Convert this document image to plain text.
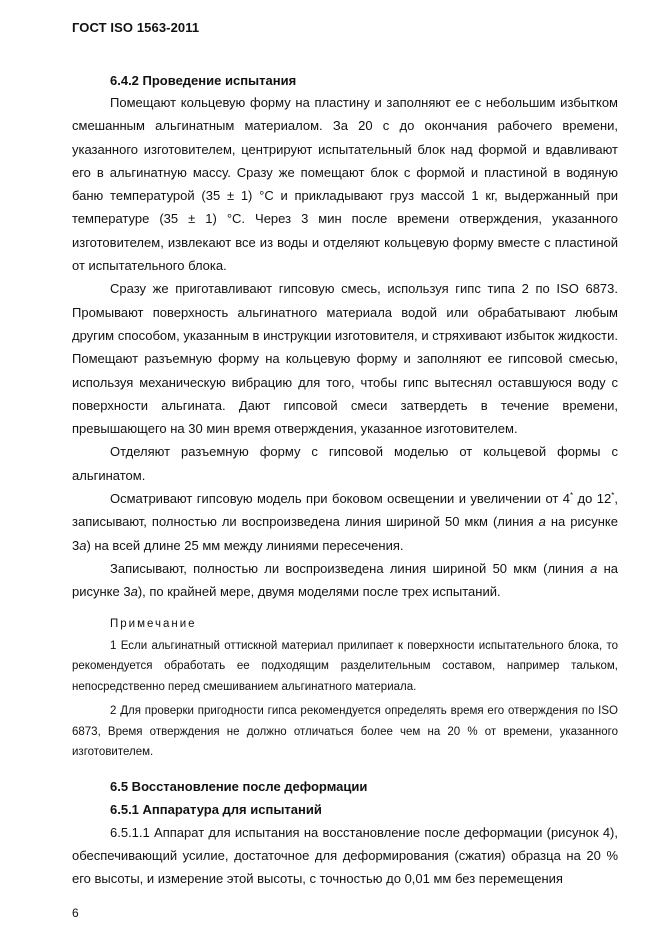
ГОСТ ISO 1563-2011
6.4.2 Проведение испытания

Помещают кольцевую форму на пластину и заполняют ее с небольшим избытком смешанным альгинатным материалом. За 20 с до окончания рабочего времени, указанного изготовителем, центрируют испытательный блок над формой и вдавливают его в альгинатную массу. Сразу же помещают блок с формой и пластиной в водяную баню температурой (35 ± 1) °С и прикладывают груз массой 1 кг, выдержанный при температуре (35 ± 1) °С. Через 3 мин после времени отверждения, указанного изготовителем, извлекают все из воды и отделяют кольцевую форму вместе с пластиной от испытательного блока.

Сразу же приготавливают гипсовую смесь, используя гипс типа 2 по ISO 6873. Промывают поверхность альгинатного материала водой или обрабатывают любым другим способом, указанным в инструкции изготовителя, и стряхивают избыток жидкости. Помещают разъемную форму на кольцевую форму и заполняют ее гипсовой смесью, используя механическую вибрацию для того, чтобы гипс вытеснял оставшуюся воду с поверхности альгината. Дают гипсовой смеси затвердеть в течение времени, превышающего на 30 мин время отверждения, указанное изготовителем.

Отделяют разъемную форму с гипсовой моделью от кольцевой формы с альгинатом.

Осматривают гипсовую модель при боковом освещении и увеличении от 4* до 12*, записывают, полностью ли воспроизведена линия шириной 50 мкм (линия а на рисунке 3а) на всей длине 25 мм между линиями пересечения.

Записывают, полностью ли воспроизведена линия шириной 50 мкм (линия а на рисунке 3а), по крайней мере, двумя моделями после трех испытаний.

Примечание

1 Если альгинатный оттискной материал прилипает к поверхности испытательного блока, то рекомендуется обработать ее подходящим разделительным составом, например тальком, непосредственно перед смешиванием альгинатного материала.

2 Для проверки пригодности гипса рекомендуется определять время его отверждения по ISO 6873, Время отверждения не должно отличаться более чем на 20 % от времени, указанного изготовителем.

6.5 Восстановление после деформации
6.5.1 Аппаратура для испытаний

6.5.1.1 Аппарат для испытания на восстановление после деформации (рисунок 4), обеспечивающий усилие, достаточное для деформирования (сжатия) образца на 20 % его высоты, и измерение этой высоты, с точностью до 0,01 мм без перемещения

6
